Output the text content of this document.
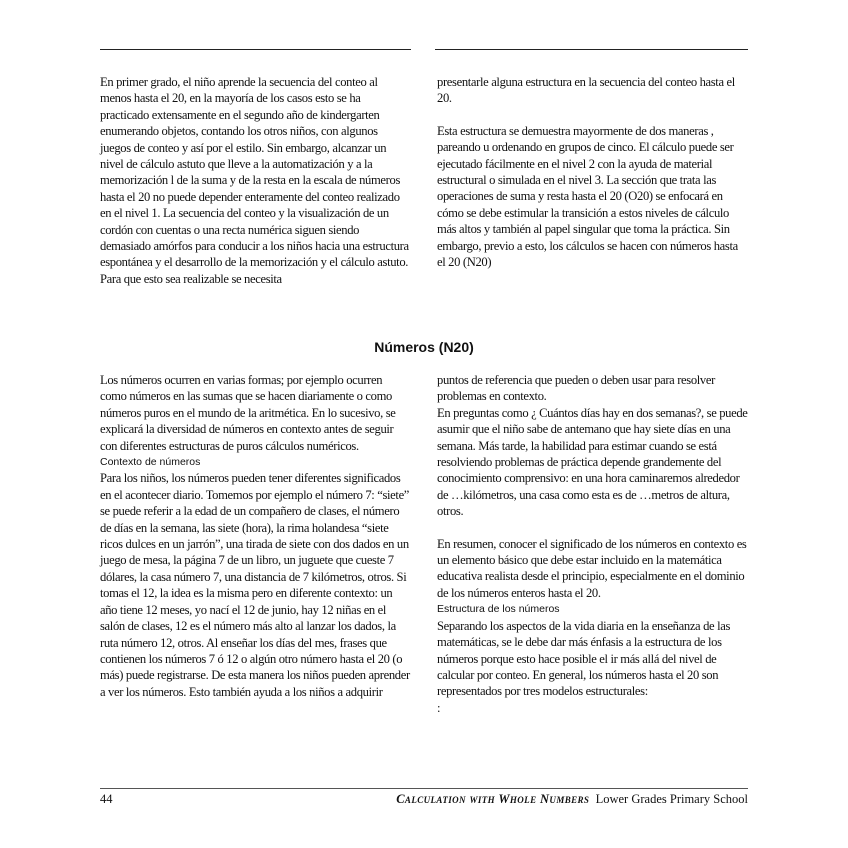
En primer grado, el niño aprende la secuencia del conteo al menos hasta el 20, en la mayoría de los casos esto se ha practicado extensamente en el segundo año de kindergarten enumerando objetos, contando los otros niños, con algunos juegos de conteo y así por el estilo. Sin embargo, alcanzar un nivel de cálculo astuto que lleve a la automatización y a la memorización l de la suma y de la resta en la escala de números hasta el 20 no puede depender enteramente del conteo realizado en el nivel 1. La secuencia del conteo y la visualización de un cordón con cuentas o una recta numérica siguen siendo demasiado amórfos para conducir a los niños hacia una estructura espontánea y el desarrollo de la memorización y el cálculo astuto. Para que esto sea realizable se necesita

presentarle alguna estructura en la secuencia del conteo hasta el 20.

Esta estructura se demuestra mayormente de dos maneras , pareando u ordenando en grupos de cinco. El cálculo puede ser ejecutado fácilmente en el nivel 2 con la ayuda de material estructural o simulada en el nivel 3. La sección que trata las operaciones de suma y resta hasta el 20 (O20) se enfocará en cómo se debe estimular la transición a estos niveles de cálculo más altos y también al papel singular que toma la práctica. Sin embargo, previo a esto, los cálculos se hacen con números hasta el 20 (N20)

Números (N20)

Los números ocurren en varias formas; por ejemplo ocurren como números en las sumas que se hacen diariamente o como números puros en el mundo de la aritmética. En lo sucesivo, se explicará la diversidad de números en contexto antes de seguir con diferentes estructuras de puros cálculos numéricos.

Contexto de números

Para los niños, los números pueden tener diferentes significados en el acontecer diario. Tomemos por ejemplo el número 7: “siete” se puede referir a la edad de un compañero de clases, el número de días en la semana, las siete (hora), la rima holandesa “siete ricos dulces en un jarrón”, una tirada de siete con dos dados en un juego de mesa, la página 7 de un libro, un juguete que cueste 7 dólares, la casa número 7, una distancia de 7 kilómetros, otros. Si tomas el 12, la idea es la misma pero en diferente contexto: un año tiene 12 meses, yo nací el 12 de junio, hay 12 niñas en el salón de clases, 12 es el número más alto al lanzar los dados, la ruta número 12, otros. Al enseñar los días del mes, frases que contienen los números 7 ó 12 o algún otro número hasta el 20 (o más) puede registrarse. De esta manera los niños pueden aprender a ver los números. Esto también ayuda a los niños a adquirir

puntos de referencia que pueden o deben usar para resolver problemas en contexto.

En preguntas como ¿ Cuántos días hay en dos semanas?, se puede asumir que el niño sabe de antemano que hay siete días en una semana. Más tarde, la habilidad para estimar cuando se está resolviendo problemas de práctica depende grandemente del conocimiento comprensivo: en una hora caminaremos alrededor de …kilómetros, una casa como esta es de …metros de altura, otros.

En resumen, conocer el significado de los números en contexto es un elemento básico que debe estar incluido en la matemática educativa realista desde el principio, especialmente en el dominio de los números enteros hasta el 20.

Estructura de los números

Separando los aspectos de la vida diaria en la enseñanza de las matemáticas, se le debe dar más énfasis a la estructura de los números porque esto hace posible el ir más allá del nivel de calcular por conteo. En general, los números hasta el 20 son representados por tres modelos estructurales:

:

44	Calculation with Whole Numbers Lower Grades Primary School
